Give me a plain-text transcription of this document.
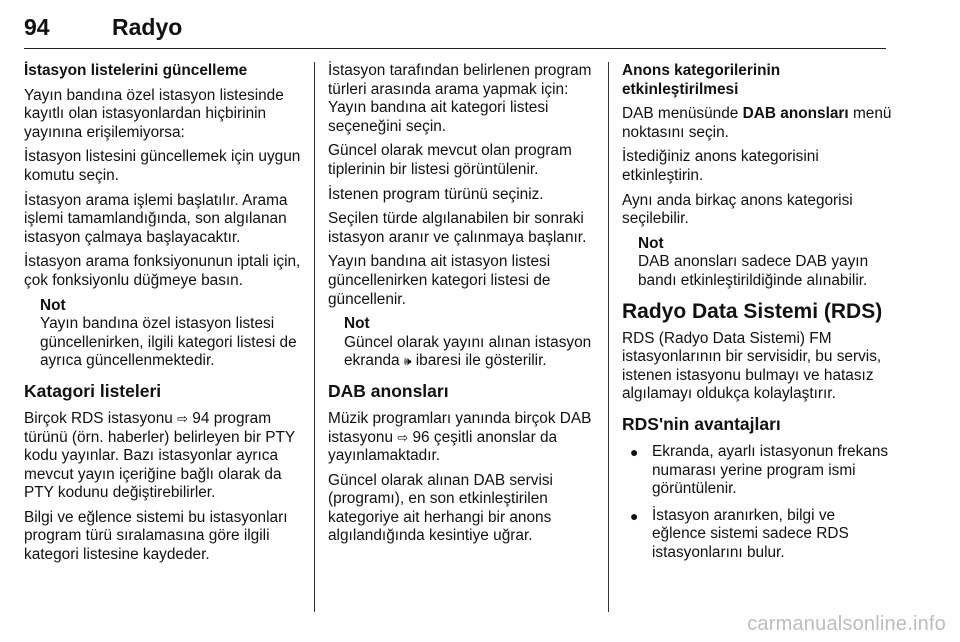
94	Radyo

İstasyon listelerini güncelleme

Yayın bandına özel istasyon listesinde kayıtlı olan istasyonlardan hiçbirinin yayınına erişilemiyorsa:

İstasyon listesini güncellemek için uygun komutu seçin.

İstasyon arama işlemi başlatılır. Arama işlemi tamamlandığında, son algılanan istasyon çalmaya başlayacaktır.

İstasyon arama fonksiyonunun iptali için, çok fonksiyonlu düğmeye basın.

Not
Yayın bandına özel istasyon listesi güncellenirken, ilgili kategori listesi de ayrıca güncellenmektedir.
Katagori listeleri

Birçok RDS istasyonu ⇨ 94 program türünü (örn. haberler) belirleyen bir PTY kodu yayınlar. Bazı istasyonlar ayrıca mevcut yayın içeriğine bağlı olarak da PTY kodunu değiştirebilirler.

Bilgi ve eğlence sistemi bu istasyonları program türü sıralamasına göre ilgili kategori listesine kaydeder.

İstasyon tarafından belirlenen program türleri arasında arama yapmak için: Yayın bandına ait kategori listesi seçeneğini seçin.

Güncel olarak mevcut olan program tiplerinin bir listesi görüntülenir.

İstenen program türünü seçiniz.

Seçilen türde algılanabilen bir sonraki istasyon aranır ve çalınmaya başlanır.

Yayın bandına ait istasyon listesi güncellenirken kategori listesi de güncellenir.

Not
Güncel olarak yayını alınan istasyon ekranda 🕪 ibaresi ile gösterilir.
DAB anonsları

Müzik programları yanında birçok DAB istasyonu ⇨ 96 çeşitli anonslar da yayınlamaktadır.

Güncel olarak alınan DAB servisi (programı), en son etkinleştirilen kategoriye ait herhangi bir anons algılandığında kesintiye uğrar.

Anons kategorilerinin etkinleştirilmesi

DAB menüsünde DAB anonsları menü noktasını seçin.

İstediğiniz anons kategorisini etkinleştirin.

Aynı anda birkaç anons kategorisi seçilebilir.

Not
DAB anonsları sadece DAB yayın bandı etkinleştirildiğinde alınabilir.
Radyo Data Sistemi (RDS)

RDS (Radyo Data Sistemi) FM istasyonlarının bir servisidir, bu servis, istenen istasyonu bulmayı ve hatasız algılamayı oldukça kolaylaştırır.

RDS'nin avantajları
● Ekranda, ayarlı istasyonun frekans numarası yerine program ismi görüntülenir.
● İstasyon aranırken, bilgi ve eğlence sistemi sadece RDS istasyonlarını bulur.
carmanualsonline.info
